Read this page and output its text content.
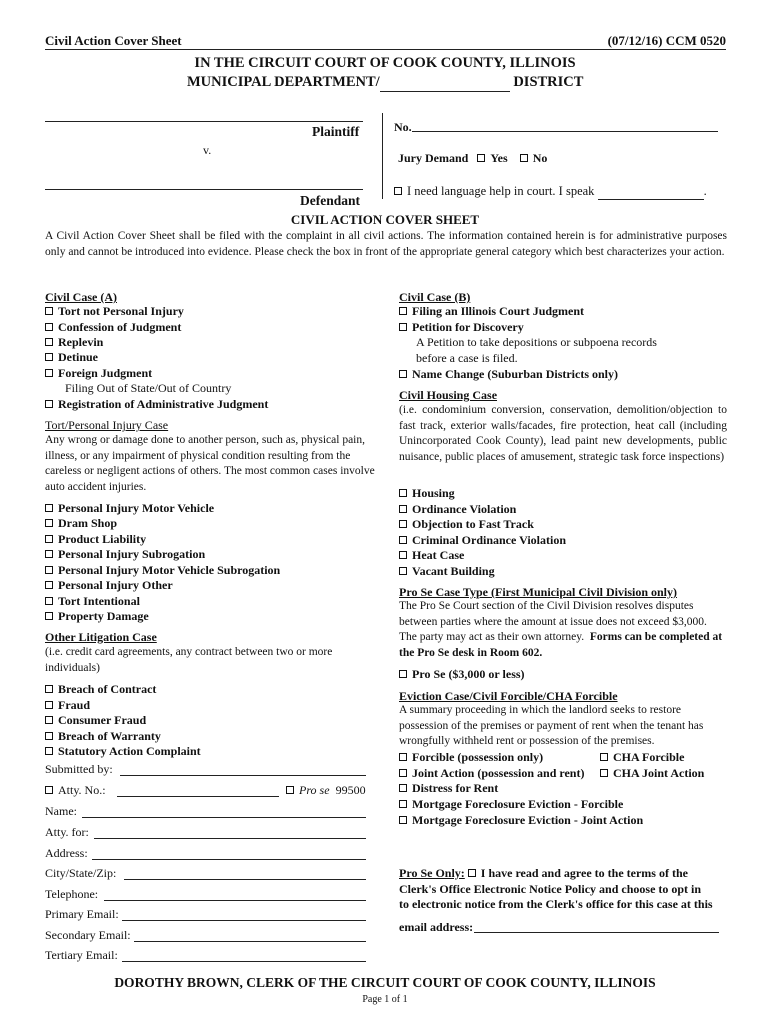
Civil Action Cover Sheet	(07/12/16) CCM 0520
IN THE CIRCUIT COURT OF COOK COUNTY, ILLINOIS
MUNICIPAL DEPARTMENT/	DISTRICT
Plaintiff
v.
Defendant
No.
Jury Demand Yes No
I need language help in court. I speak	.
CIVIL ACTION COVER SHEET
A Civil Action Cover Sheet shall be filed with the complaint in all civil actions. The information contained herein is for administrative purposes only and cannot be introduced into evidence. Please check the box in front of the appropriate general category which best characterizes your action.
Civil Case (A)
Tort not Personal Injury
Confession of Judgment
Replevin
Detinue
Foreign Judgment
Filing Out of State/Out of Country
Registration of Administrative Judgment
Tort/Personal Injury Case
Any wrong or damage done to another person, such as, physical pain, illness, or any impairment of physical condition resulting from the careless or negligent actions of others. The most common cases involve auto accident injuries.
Personal Injury Motor Vehicle
Dram Shop
Product Liability
Personal Injury Subrogation
Personal Injury Motor Vehicle Subrogation
Personal Injury Other
Tort Intentional
Property Damage
Other Litigation Case
(i.e. credit card agreements, any contract between two or more individuals)
Breach of Contract
Fraud
Consumer Fraud
Breach of Warranty
Statutory Action Complaint
Submitted by:
Atty. No.:	Pro se 99500
Name:
Atty. for:
Address:
City/State/Zip:
Telephone:
Primary Email:
Secondary Email:
Tertiary Email:
Civil Case (B)
Filing an Illinois Court Judgment
Petition for Discovery
A Petition to take depositions or subpoena records
before a case is filed.
Name Change (Suburban Districts only)
Civil Housing Case
(i.e. condominium conversion, conservation, demolition/objection to fast track, exterior walls/facades, fire protection, heat call (including Unincorporated Cook County), lead paint new developments, public nuisance, public places of amusement, strategic task force inspections)
Housing
Ordinance Violation
Objection to Fast Track
Criminal Ordinance Violation
Heat Case
Vacant Building
Pro Se Case Type (First Municipal Civil Division only)
The Pro Se Court section of the Civil Division resolves disputes between parties where the amount at issue does not exceed $3,000. The party may act as their own attorney. Forms can be completed at the Pro Se desk in Room 602.
Pro Se ($3,000 or less)
Eviction Case/Civil Forcible/CHA Forcible
A summary proceeding in which the landlord seeks to restore possession of the premises or payment of rent when the tenant has wrongfully withheld rent or possession of the premises.
Forcible (possession only)	CHA Forcible
Joint Action (possession and rent)	CHA Joint Action
Distress for Rent
Mortgage Foreclosure Eviction - Forcible
Mortgage Foreclosure Eviction - Joint Action
Pro Se Only: I have read and agree to the terms of the
Clerk's Office Electronic Notice Policy and choose to opt in
to electronic notice from the Clerk's office for this case at this
email address:
DOROTHY BROWN, CLERK OF THE CIRCUIT COURT OF COOK COUNTY, ILLINOIS
Page 1 of 1
